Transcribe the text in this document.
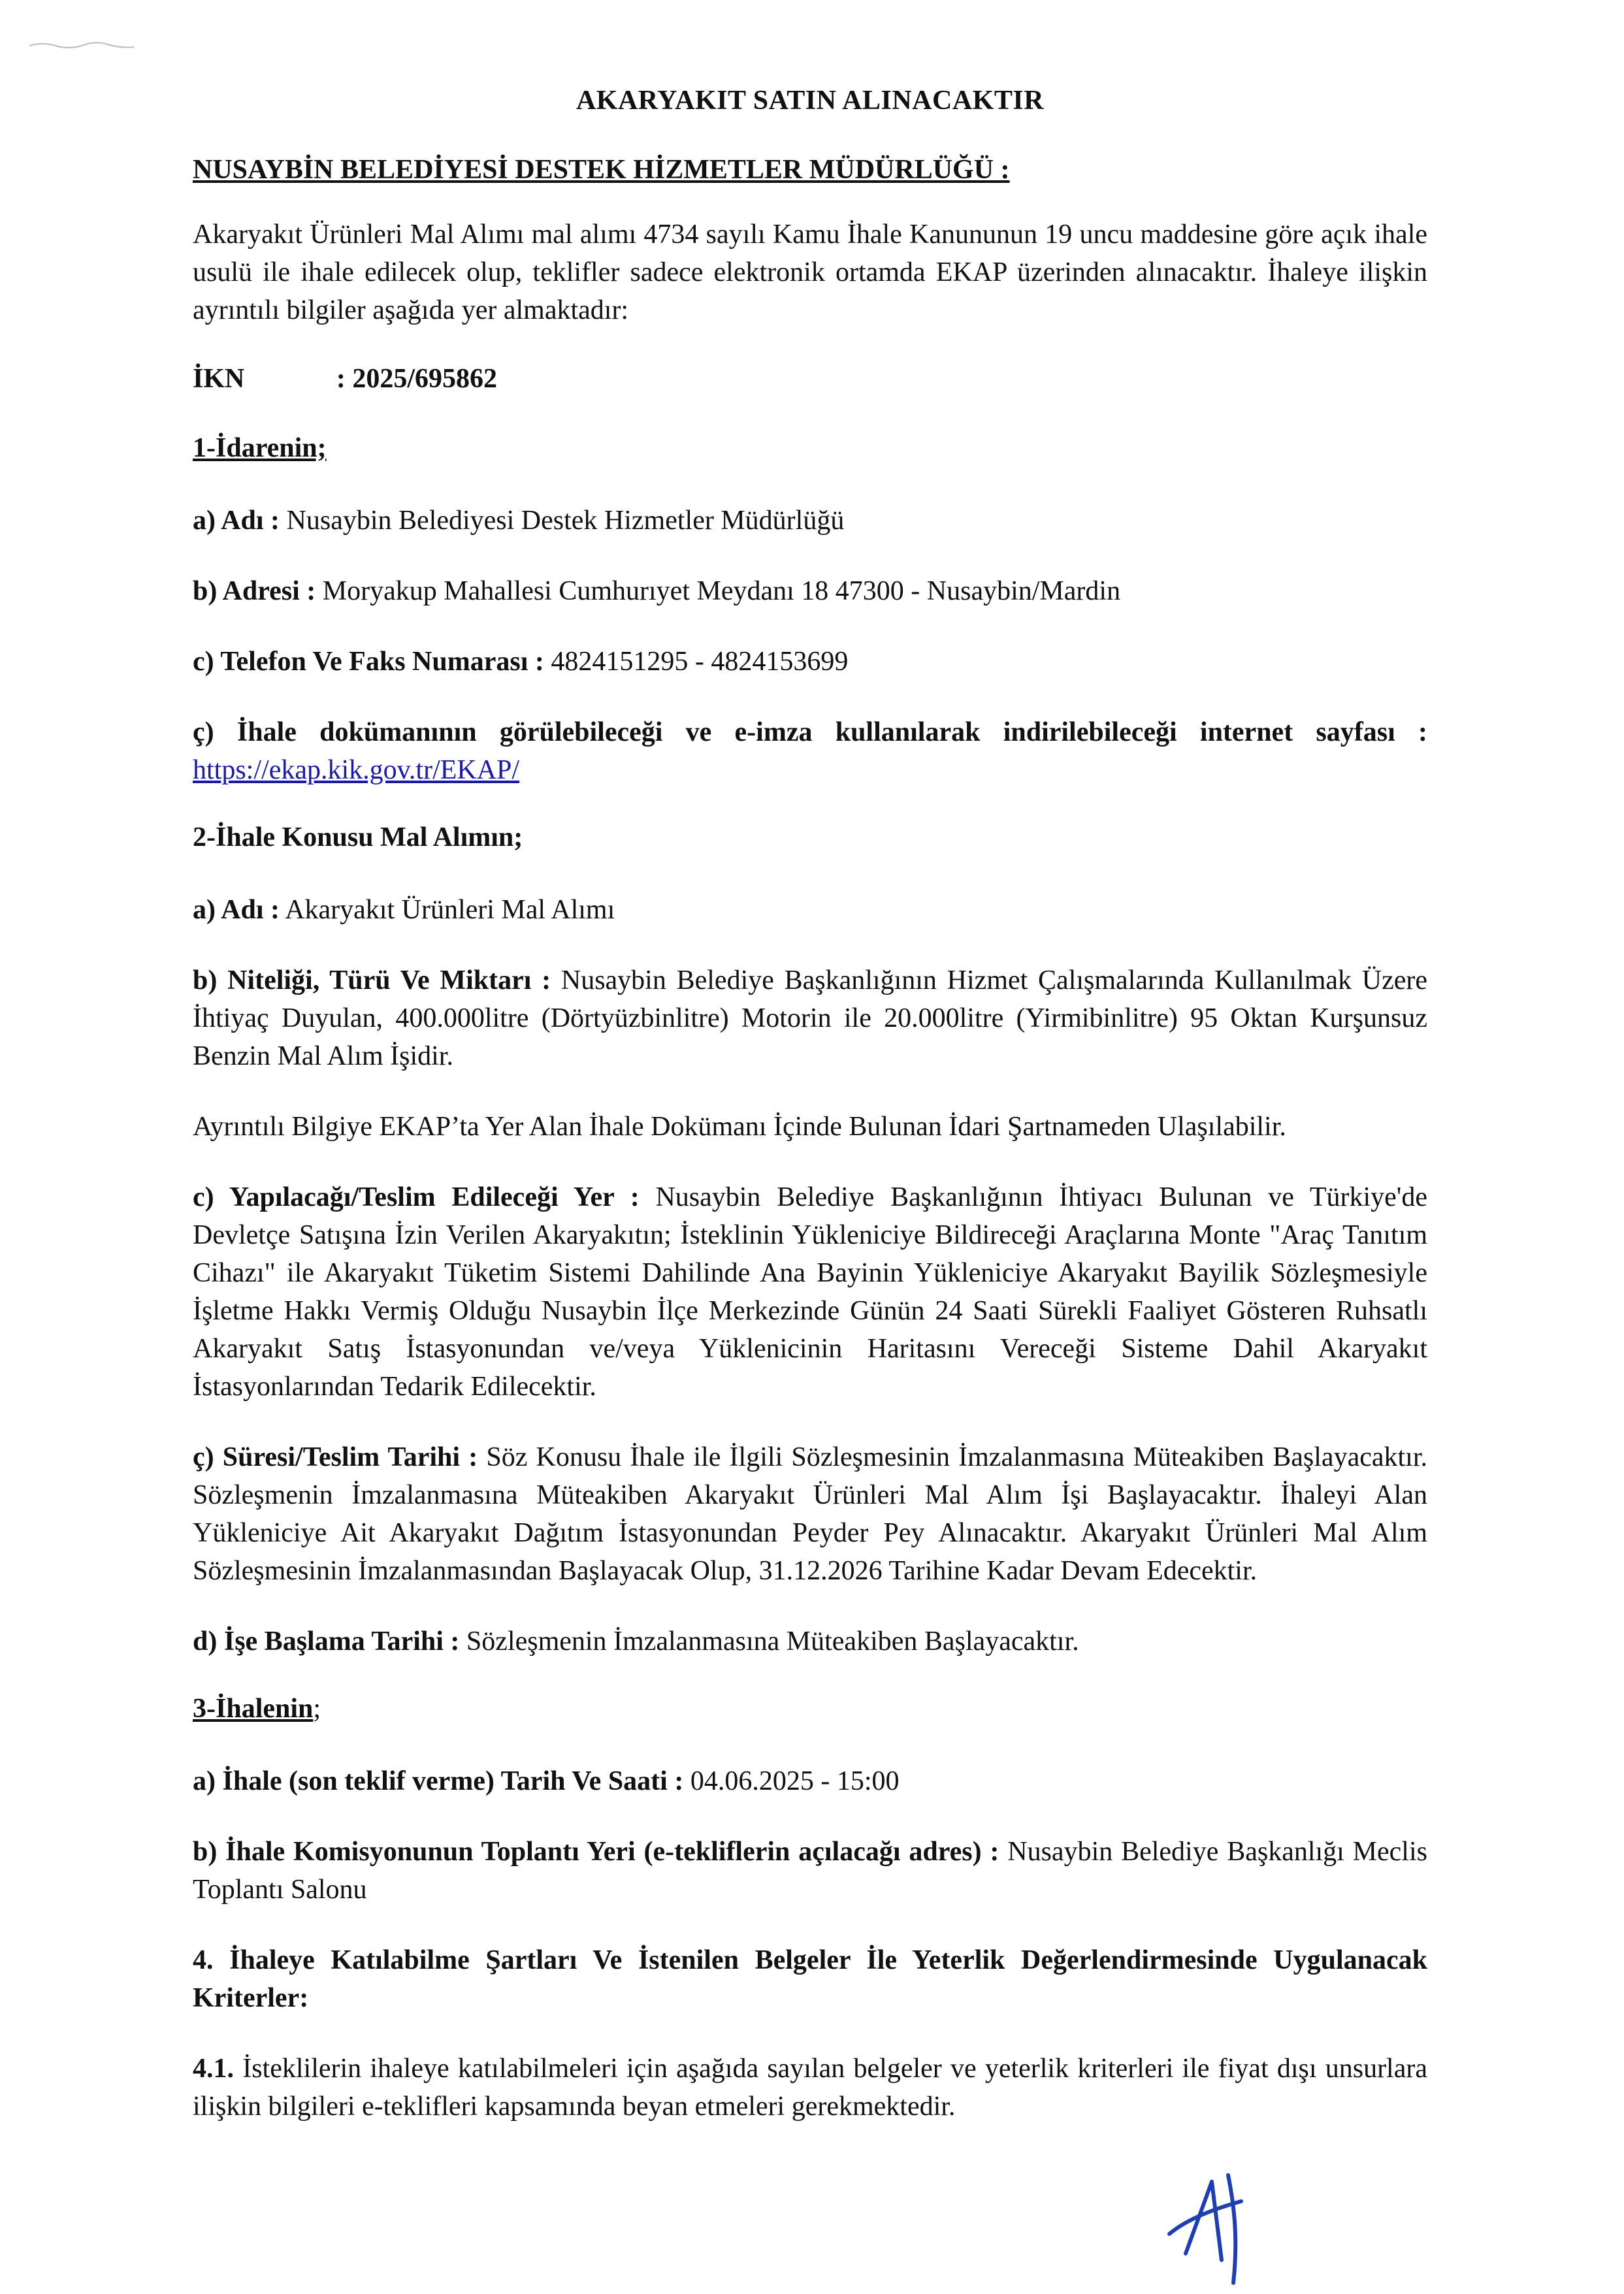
AKARYAKIT SATIN ALINACAKTIR
NUSAYBİN BELEDİYESİ DESTEK HİZMETLER MÜDÜRLÜĞÜ :

Akaryakıt Ürünleri Mal Alımı mal alımı 4734 sayılı Kamu İhale Kanununun 19 uncu maddesine göre açık ihale usulü ile ihale edilecek olup, teklifler sadece elektronik ortamda EKAP üzerinden alınacaktır. İhaleye ilişkin ayrıntılı bilgiler aşağıda yer almaktadır:

İKN	: 2025/695862
1-İdarenin;

a) Adı : Nusaybin Belediyesi Destek Hizmetler Müdürlüğü

b) Adresi : Moryakup Mahallesi Cumhurıyet Meydanı 18 47300 - Nusaybin/Mardin

c) Telefon Ve Faks Numarası : 4824151295 - 4824153699

ç) İhale dokümanının görülebileceği ve e-imza kullanılarak indirilebileceği internet sayfası : https://ekap.kik.gov.tr/EKAP/

2-İhale Konusu Mal Alımın;

a) Adı : Akaryakıt Ürünleri Mal Alımı

b) Niteliği, Türü Ve Miktarı : Nusaybin Belediye Başkanlığının Hizmet Çalışmalarında Kullanılmak Üzere İhtiyaç Duyulan, 400.000litre (Dörtyüzbinlitre) Motorin ile 20.000litre (Yirmibinlitre) 95 Oktan Kurşunsuz Benzin Mal Alım İşidir.

Ayrıntılı Bilgiye EKAP’ta Yer Alan İhale Dokümanı İçinde Bulunan İdari Şartnameden Ulaşılabilir.

c) Yapılacağı/Teslim Edileceği Yer : Nusaybin Belediye Başkanlığının İhtiyacı Bulunan ve Türkiye'de Devletçe Satışına İzin Verilen Akaryakıtın; İsteklinin Yükleniciye Bildireceği Araçlarına Monte "Araç Tanıtım Cihazı" ile Akaryakıt Tüketim Sistemi Dahilinde Ana Bayinin Yükleniciye Akaryakıt Bayilik Sözleşmesiyle İşletme Hakkı Vermiş Olduğu Nusaybin İlçe Merkezinde Günün 24 Saati Sürekli Faaliyet Gösteren Ruhsatlı Akaryakıt Satış İstasyonundan ve/veya Yüklenicinin Haritasını Vereceği Sisteme Dahil Akaryakıt İstasyonlarından Tedarik Edilecektir.

ç) Süresi/Teslim Tarihi : Söz Konusu İhale ile İlgili Sözleşmesinin İmzalanmasına Müteakiben Başlayacaktır. Sözleşmenin İmzalanmasına Müteakiben Akaryakıt Ürünleri Mal Alım İşi Başlayacaktır. İhaleyi Alan Yükleniciye Ait Akaryakıt Dağıtım İstasyonundan Peyder Pey Alınacaktır. Akaryakıt Ürünleri Mal Alım Sözleşmesinin İmzalanmasından Başlayacak Olup, 31.12.2026 Tarihine Kadar Devam Edecektir.

d) İşe Başlama Tarihi : Sözleşmenin İmzalanmasına Müteakiben Başlayacaktır.

3-İhalenin;

a) İhale (son teklif verme) Tarih Ve Saati : 04.06.2025 - 15:00

b) İhale Komisyonunun Toplantı Yeri (e-tekliflerin açılacağı adres) : Nusaybin Belediye Başkanlığı Meclis Toplantı Salonu

4. İhaleye Katılabilme Şartları Ve İstenilen Belgeler İle Yeterlik Değerlendirmesinde Uygulanacak Kriterler:

4.1. İsteklilerin ihaleye katılabilmeleri için aşağıda sayılan belgeler ve yeterlik kriterleri ile fiyat dışı unsurlara ilişkin bilgileri e-teklifleri kapsamında beyan etmeleri gerekmektedir.
